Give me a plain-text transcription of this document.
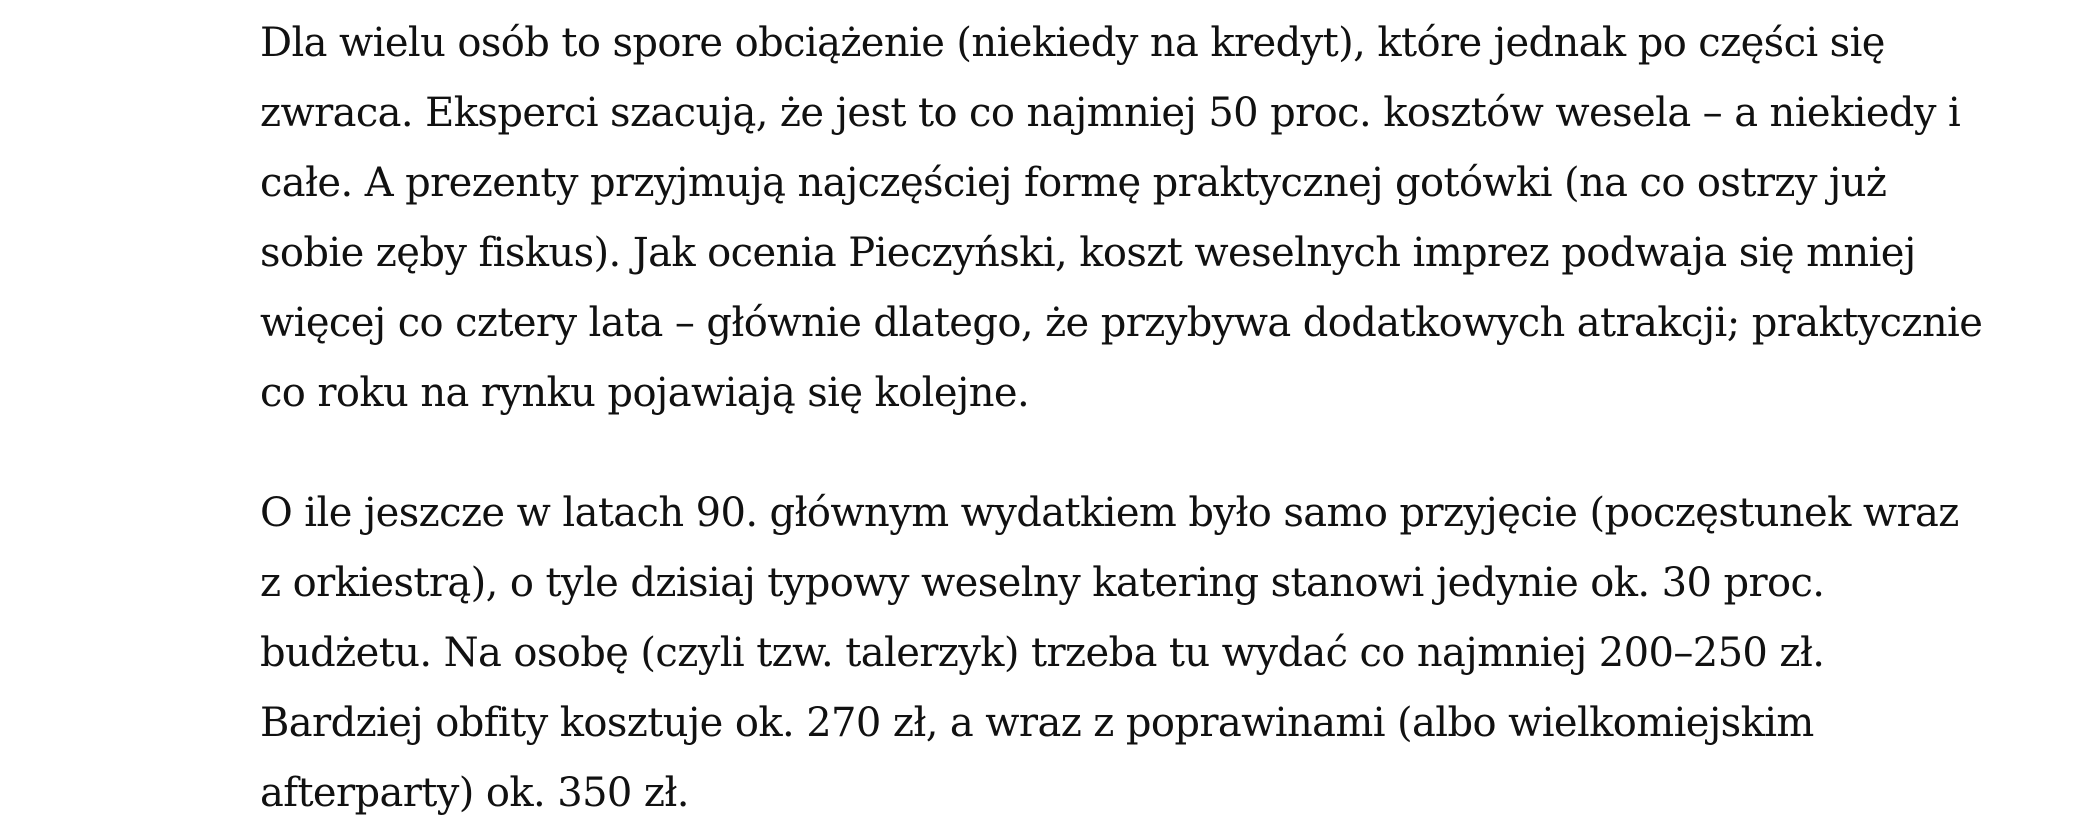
Dla wielu osób to spore obciążenie (niekiedy na kredyt), które jednak po części się
zwraca. Eksperci szacują, że jest to co najmniej 50 proc. kosztów wesela – a niekiedy i
całe. A prezenty przyjmują najczęściej formę praktycznej gotówki (na co ostrzy już
sobie zęby fiskus). Jak ocenia Pieczyński, koszt weselnych imprez podwaja się mniej
więcej co cztery lata – głównie dlatego, że przybywa dodatkowych atrakcji; praktycznie
co roku na rynku pojawiają się kolejne.

O ile jeszcze w latach 90. głównym wydatkiem było samo przyjęcie (poczęstunek wraz
z orkiestrą), o tyle dzisiaj typowy weselny katering stanowi jedynie ok. 30 proc.
budżetu. Na osobę (czyli tzw. talerzyk) trzeba tu wydać co najmniej 200–250 zł.
Bardziej obfity kosztuje ok. 270 zł, a wraz z poprawinami (albo wielkomiejskim
afterparty) ok. 350 zł.
